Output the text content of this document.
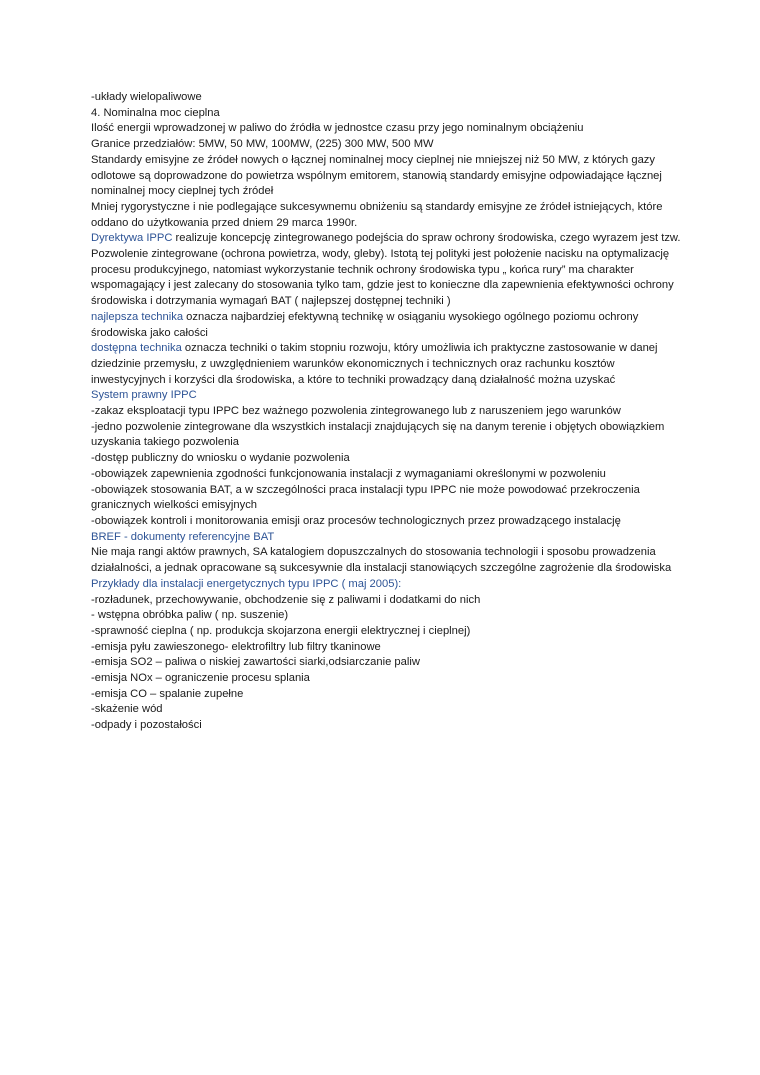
-układy wielopaliwowe

4. Nominalna moc cieplna

Ilość energii wprowadzonej w paliwo do źródła w jednostce czasu przy jego nominalnym obciążeniu

Granice przedziałów: 5MW, 50 MW, 100MW, (225) 300 MW, 500 MW

Standardy emisyjne ze źródeł nowych o łącznej nominalnej mocy cieplnej nie mniejszej niż 50 MW, z których gazy odlotowe są doprowadzone do powietrza wspólnym emitorem, stanowią standardy emisyjne odpowiadające łącznej nominalnej mocy cieplnej tych źródeł

Mniej rygorystyczne i nie podlegające sukcesywnemu obniżeniu są standardy emisyjne ze źródeł istniejących, które oddano do użytkowania przed dniem 29 marca 1990r.

Dyrektywa IPPC realizuje koncepcję zintegrowanego podejścia do spraw ochrony środowiska, czego wyrazem jest tzw. Pozwolenie zintegrowane (ochrona powietrza, wody, gleby). Istotą tej polityki jest położenie nacisku na optymalizację procesu produkcyjnego, natomiast wykorzystanie technik ochrony środowiska typu „ końca rury” ma charakter wspomagający i jest zalecany do stosowania tylko tam, gdzie jest to konieczne dla zapewnienia efektywności ochrony środowiska i dotrzymania wymagań BAT ( najlepszej dostępnej techniki )

najlepsza technika oznacza najbardziej efektywną technikę w osiąganiu wysokiego ogólnego poziomu ochrony środowiska jako całości

dostępna technika oznacza techniki o takim stopniu rozwoju, który umożliwia ich praktyczne zastosowanie w danej dziedzinie przemysłu, z uwzględnieniem warunków ekonomicznych i technicznych oraz rachunku kosztów inwestycyjnych i korzyści dla środowiska, a które to techniki prowadzący daną działalność można uzyskać

System prawny IPPC

-zakaz eksploatacji typu IPPC bez ważnego pozwolenia zintegrowanego lub z naruszeniem jego warunków

-jedno pozwolenie zintegrowane dla wszystkich instalacji znajdujących się na danym terenie i objętych obowiązkiem uzyskania takiego pozwolenia

-dostęp publiczny do wniosku o wydanie pozwolenia

-obowiązek zapewnienia zgodności funkcjonowania instalacji z wymaganiami określonymi w pozwoleniu

-obowiązek stosowania BAT, a w szczególności praca instalacji typu IPPC nie może powodować przekroczenia granicznych wielkości emisyjnych

-obowiązek kontroli i monitorowania emisji oraz procesów technologicznych przez prowadzącego instalację

BREF - dokumenty referencyjne BAT

Nie maja rangi aktów prawnych, SA katalogiem dopuszczalnych do stosowania technologii i sposobu prowadzenia działalności, a jednak opracowane są sukcesywnie dla instalacji stanowiących szczególne zagrożenie dla środowiska

Przykłady dla instalacji energetycznych typu IPPC ( maj 2005):

-rozładunek, przechowywanie, obchodzenie się z paliwami i dodatkami do nich

- wstępna obróbka paliw ( np. suszenie)

-sprawność cieplna ( np. produkcja skojarzona energii elektrycznej i cieplnej)

-emisja pyłu zawieszonego- elektrofiltry lub filtry tkaninowe

-emisja SO2 – paliwa o niskiej zawartości siarki,odsiarczanie paliw

-emisja NOx – ograniczenie procesu splania

-emisja CO – spalanie zupełne

-skażenie wód

-odpady i pozostałości
